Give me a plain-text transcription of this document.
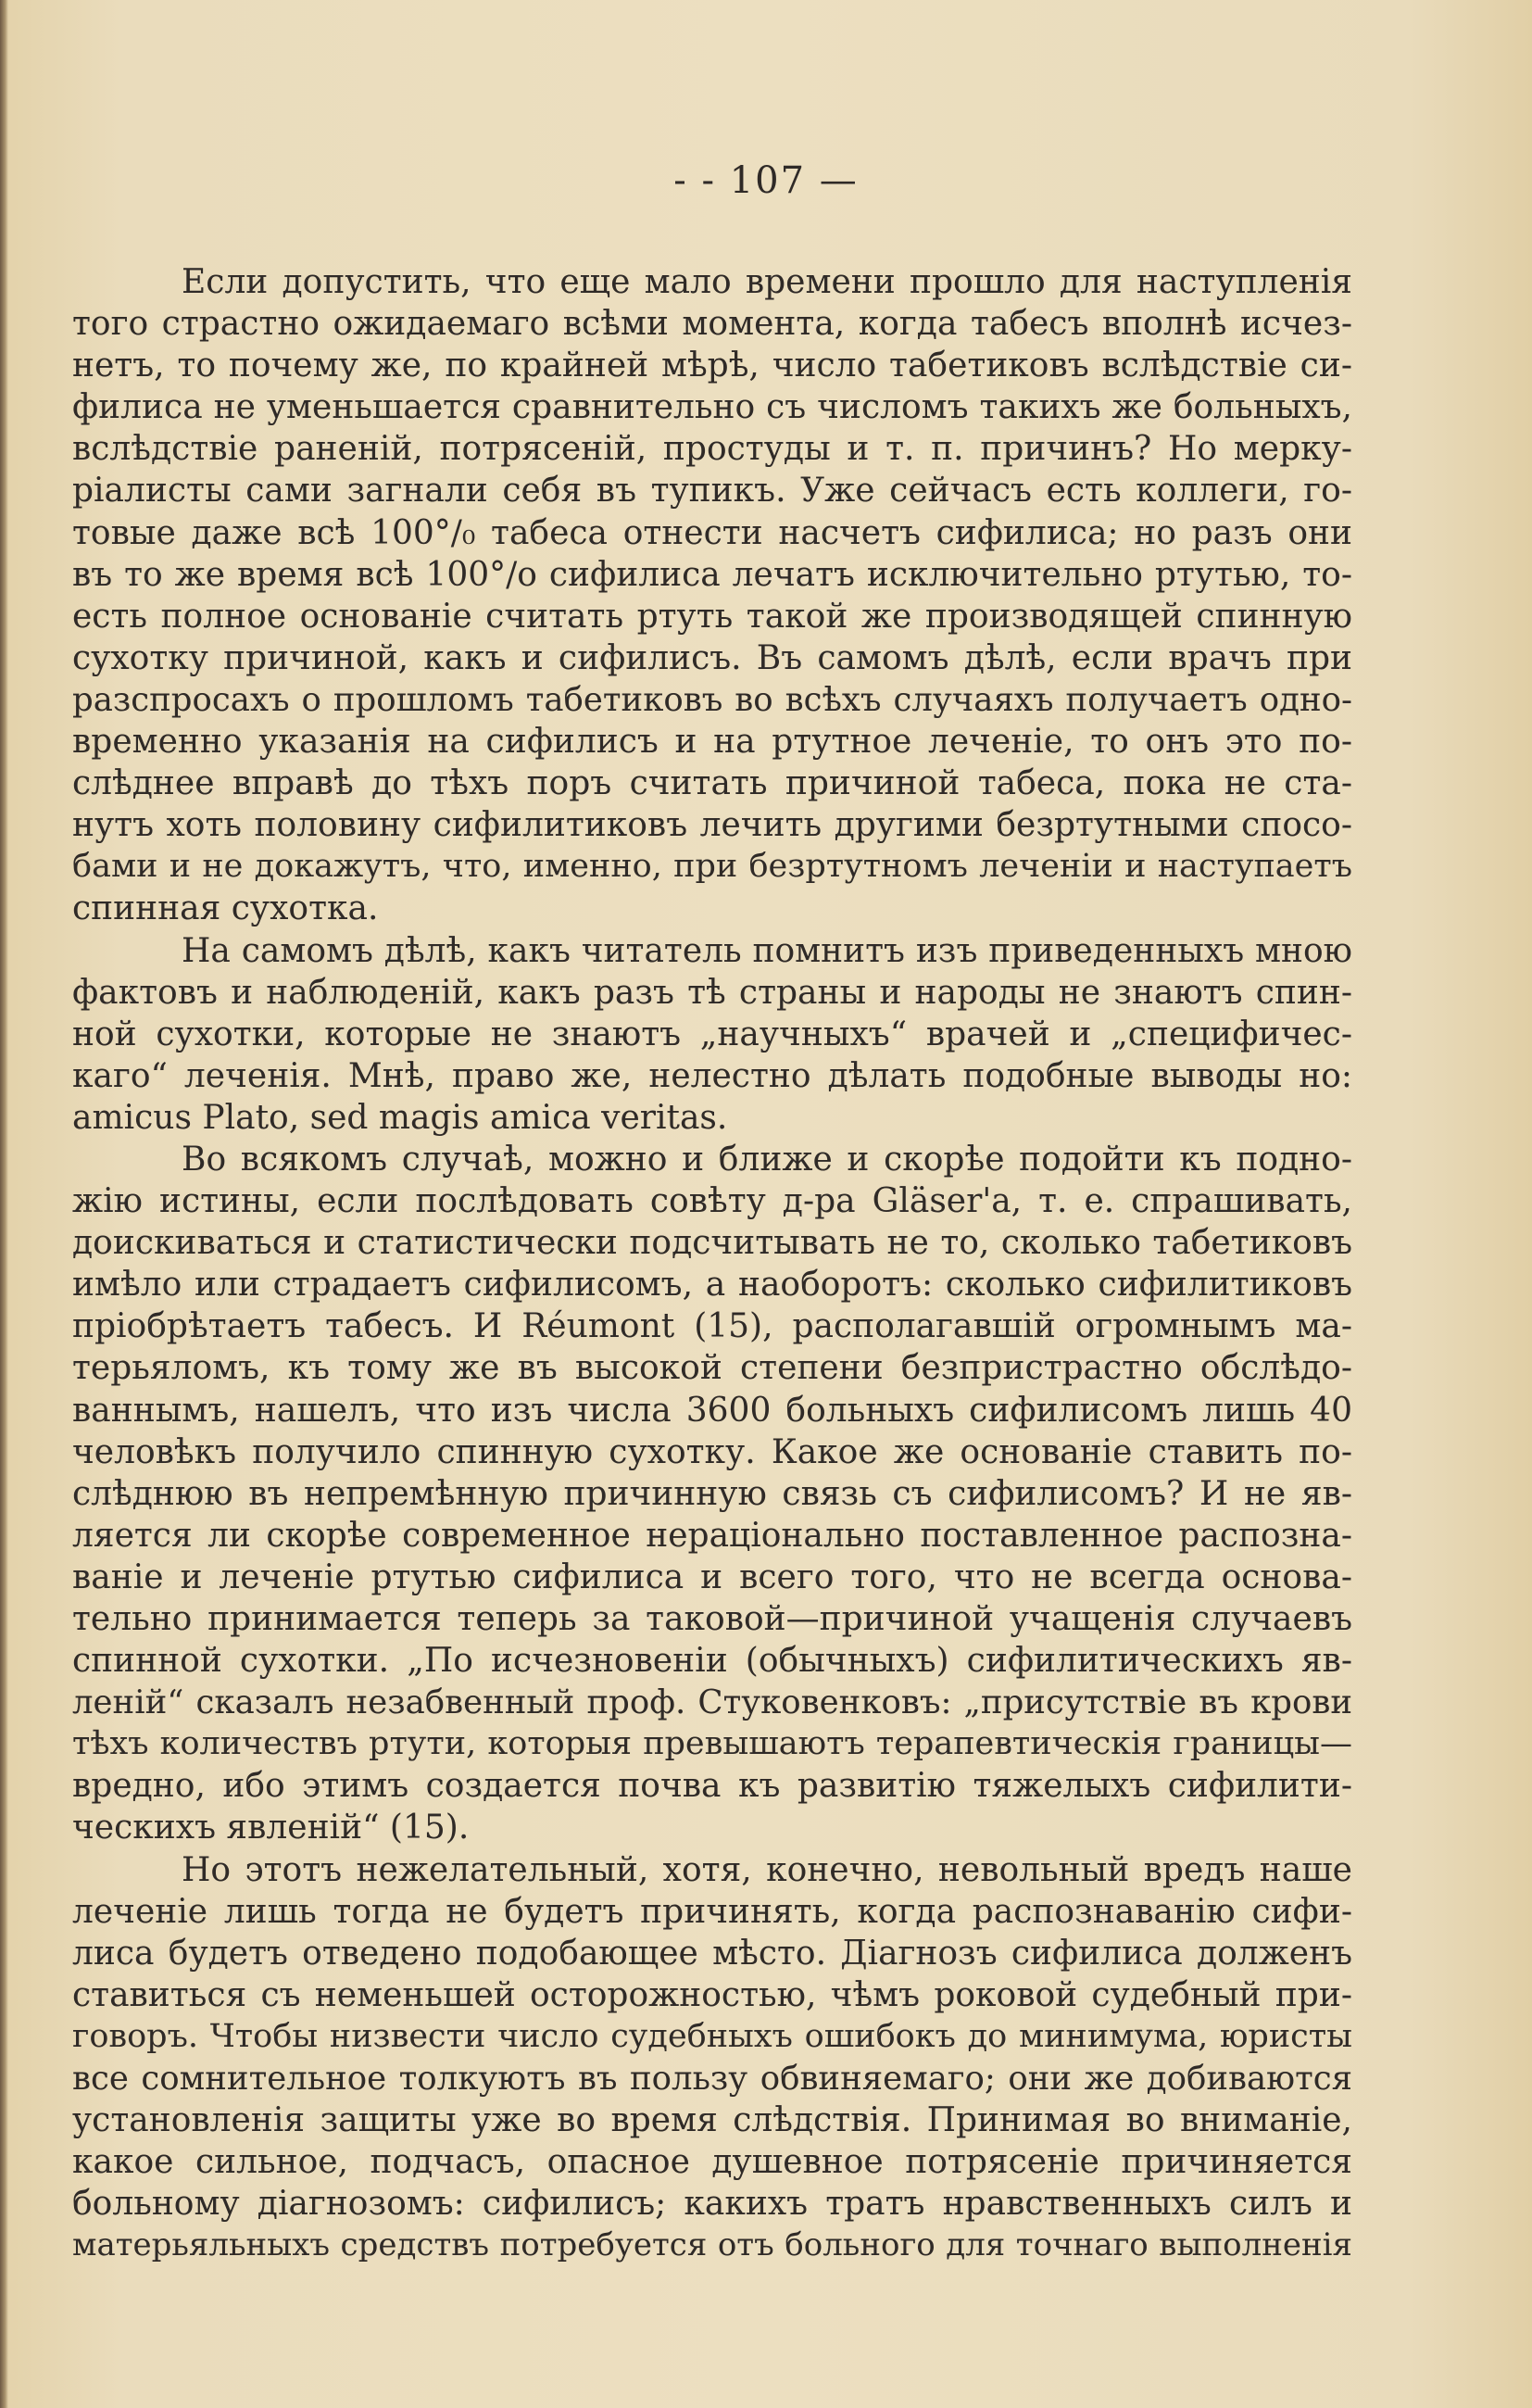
- - 107 —
Если допустить, что еще мало времени прошло для наступленія
того страстно ожидаемаго всѣми момента, когда табесъ вполнѣ исчез-
нетъ, то почему же, по крайней мѣрѣ, число табетиковъ вслѣдствіе си-
филиса не уменьшается сравнительно съ числомъ такихъ же больныхъ,
вслѣдствіе раненій, потрясеній, простуды и т. п. причинъ? Но мерку-
ріалисты сами загнали себя въ тупикъ. Уже сейчасъ есть коллеги, го-
товые даже всѣ 100°/₀ табеса отнести насчетъ сифилиса; но разъ они
въ то же время всѣ 100°/о сифилиса лечатъ исключительно ртутью, то-
есть полное основаніе считать ртуть такой же производящей спинную
сухотку причиной, какъ и сифилисъ. Въ самомъ дѣлѣ, если врачъ при
разспросахъ о прошломъ табетиковъ во всѣхъ случаяхъ получаетъ одно-
временно указанія на сифилисъ и на ртутное леченіе, то онъ это по-
слѣднее вправѣ до тѣхъ поръ считать причиной табеса, пока не ста-
нутъ хоть половину сифилитиковъ лечить другими безртутными спосо-
бами и не докажутъ, что, именно, при безртутномъ леченіи и наступаетъ
спинная сухотка.
На самомъ дѣлѣ, какъ читатель помнитъ изъ приведенныхъ мною
фактовъ и наблюденій, какъ разъ тѣ страны и народы не знаютъ спин-
ной сухотки, которые не знаютъ „научныхъ“ врачей и „специфичес-
каго“ леченія. Мнѣ, право же, нелестно дѣлать подобные выводы но:
amicus Plato, sed magis amica veritas.
Во всякомъ случаѣ, можно и ближе и скорѣе подойти къ подно-
жію истины, если послѣдовать совѣту д-ра Gläser'а, т. е. спрашивать,
доискиваться и статистически подсчитывать не то, сколько табетиковъ
имѣло или страдаетъ сифилисомъ, а наоборотъ: сколько сифилитиковъ
пріобрѣтаетъ табесъ. И Réumont (15), располагавшій огромнымъ ма-
терьяломъ, къ тому же въ высокой степени безпристрастно обслѣдо-
ваннымъ, нашелъ, что изъ числа 3600 больныхъ сифилисомъ лишь 40
человѣкъ получило спинную сухотку. Какое же основаніе ставить по-
слѣднюю въ непремѣнную причинную связь съ сифилисомъ? И не яв-
ляется ли скорѣе современное нераціонально поставленное распозна-
ваніе и леченіе ртутью сифилиса и всего того, что не всегда основа-
тельно принимается теперь за таковой—причиной учащенія случаевъ
спинной сухотки. „По исчезновеніи (обычныхъ) сифилитическихъ яв-
леній“ сказалъ незабвенный проф. Стуковенковъ: „присутствіе въ крови
тѣхъ количествъ ртути, которыя превышаютъ терапевтическія границы—
вредно, ибо этимъ создается почва къ развитію тяжелыхъ сифилити-
ческихъ явленій“ (15).
Но этотъ нежелательный, хотя, конечно, невольный вредъ наше
леченіе лишь тогда не будетъ причинять, когда распознаванію сифи-
лиса будетъ отведено подобающее мѣсто. Діагнозъ сифилиса долженъ
ставиться съ неменьшей осторожностью, чѣмъ роковой судебный при-
говоръ. Чтобы низвести число судебныхъ ошибокъ до минимума, юристы
все сомнительное толкуютъ въ пользу обвиняемаго; они же добиваются
установленія защиты уже во время слѣдствія. Принимая во вниманіе,
какое сильное, подчасъ, опасное душевное потрясеніе причиняется
больному діагнозомъ: сифилисъ; какихъ тратъ нравственныхъ силъ и
матерьяльныхъ средствъ потребуется отъ больного для точнаго выполненія
